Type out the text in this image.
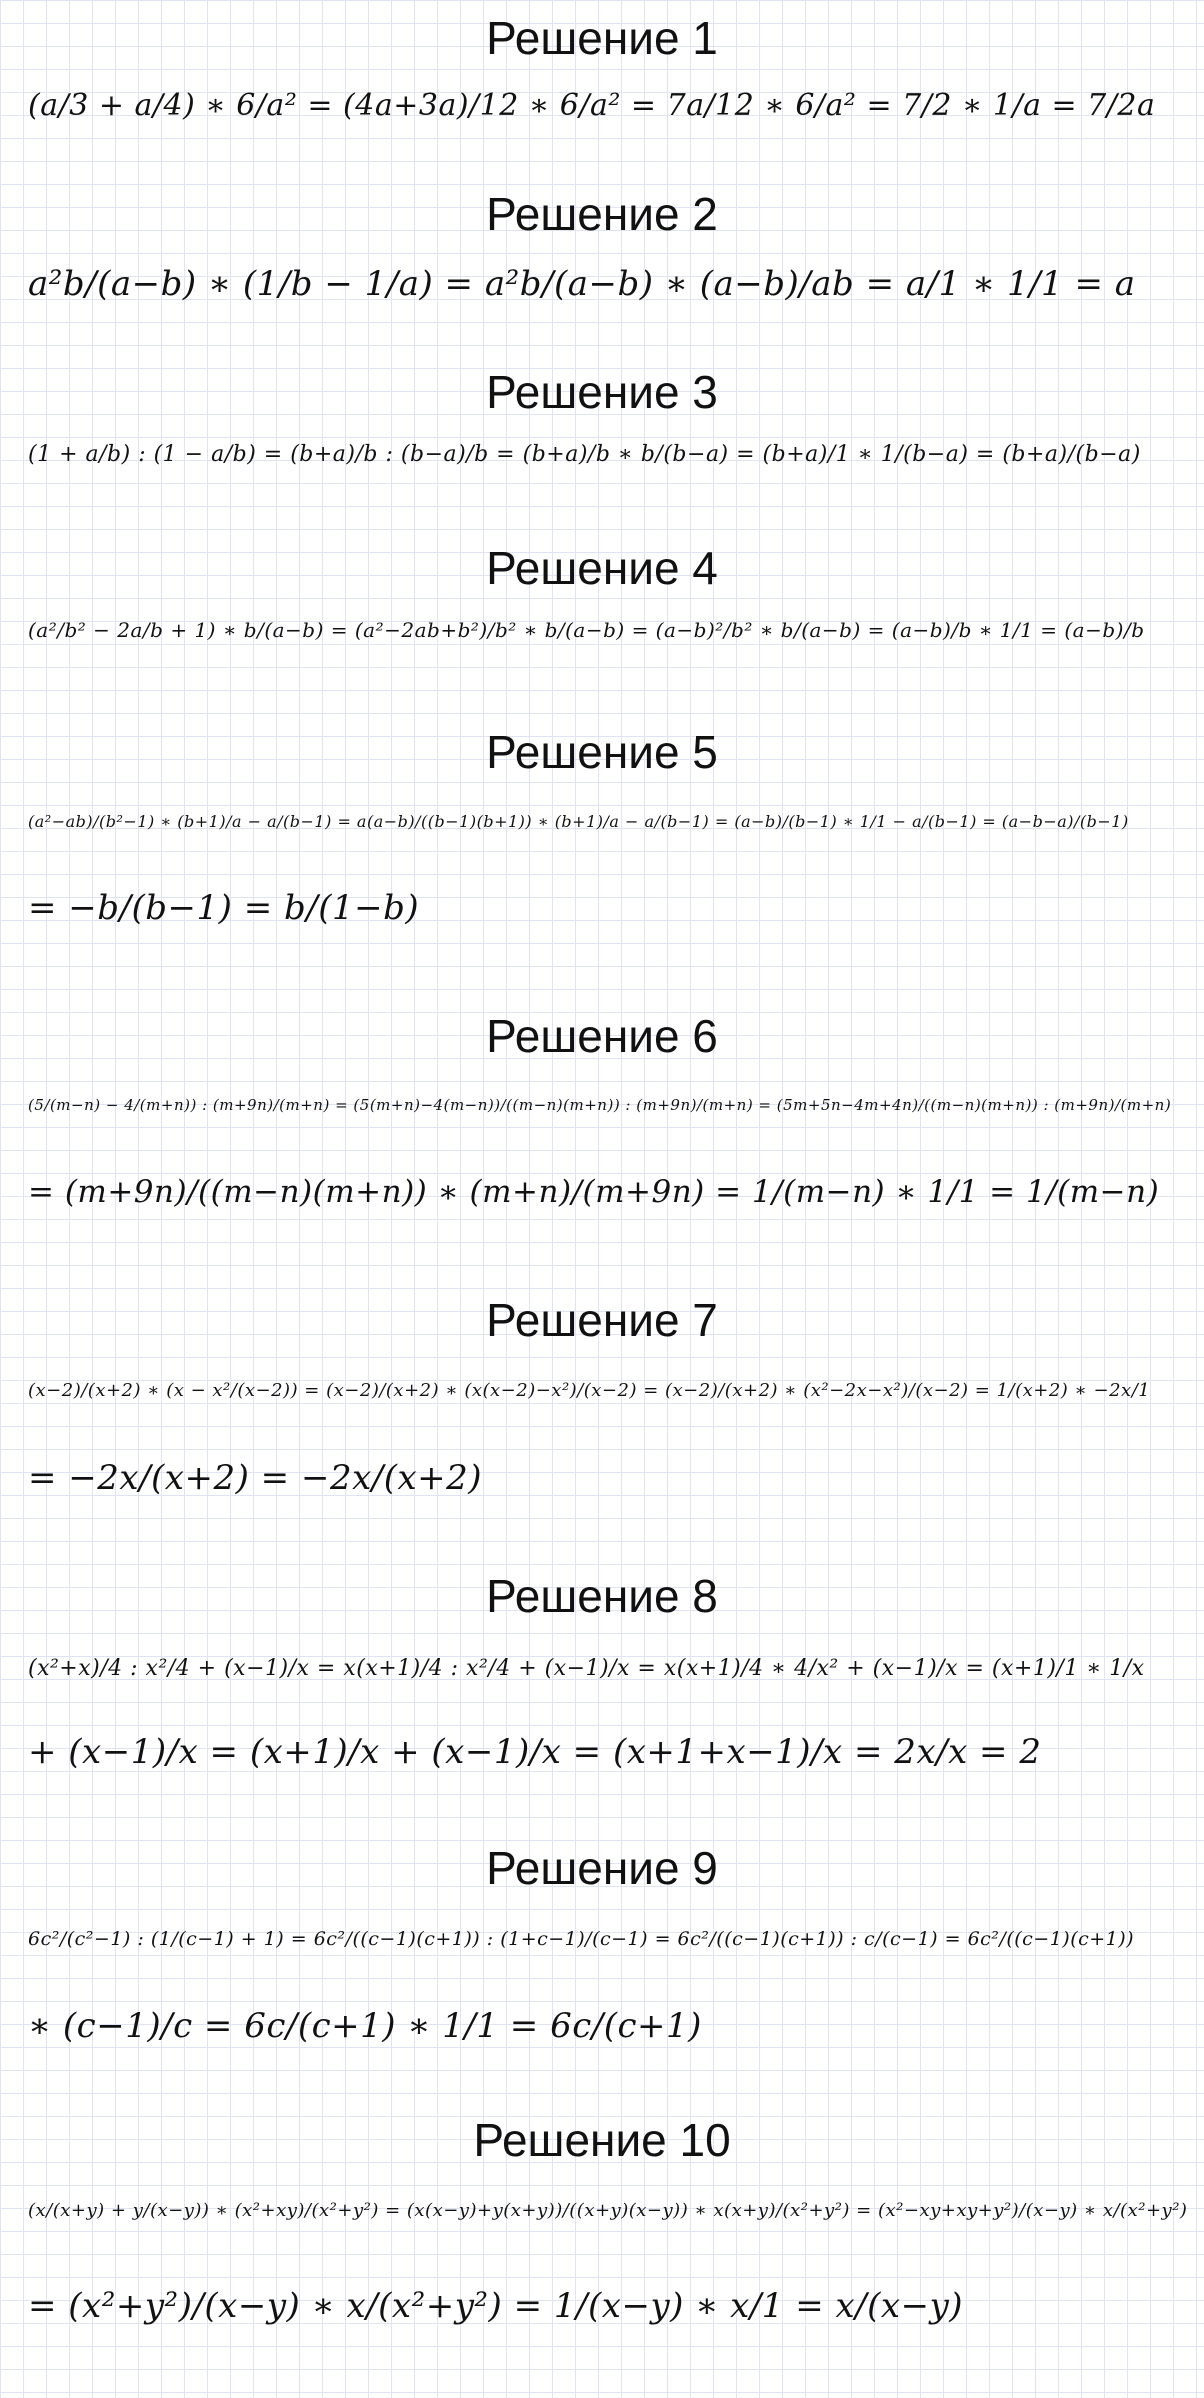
Решение 1
(a/3 + a/4) ∗ 6/a² = (4a+3a)/12 ∗ 6/a² = 7a/12 ∗ 6/a² = 7/2 ∗ 1/a = 7/2a
Решение 2
a²b/(a−b) ∗ (1/b − 1/a) = a²b/(a−b) ∗ (a−b)/ab = a/1 ∗ 1/1 = a
Решение 3
(1 + a/b) : (1 − a/b) = (b+a)/b : (b−a)/b = (b+a)/b ∗ b/(b−a) = (b+a)/1 ∗ 1/(b−a) = (b+a)/(b−a)
Решение 4
(a²/b² − 2a/b + 1) ∗ b/(a−b) = (a²−2ab+b²)/b² ∗ b/(a−b) = (a−b)²/b² ∗ b/(a−b) = (a−b)/b ∗ 1/1 = (a−b)/b
Решение 5
(a²−ab)/(b²−1) ∗ (b+1)/a − a/(b−1) = a(a−b)/((b−1)(b+1)) ∗ (b+1)/a − a/(b−1) = (a−b)/(b−1) ∗ 1/1 − a/(b−1) = (a−b−a)/(b−1)
= −b/(b−1) = b/(1−b)
Решение 6
(5/(m−n) − 4/(m+n)) : (m+9n)/(m+n) = (5(m+n)−4(m−n))/((m−n)(m+n)) : (m+9n)/(m+n) = (5m+5n−4m+4n)/((m−n)(m+n)) : (m+9n)/(m+n)
= (m+9n)/((m−n)(m+n)) ∗ (m+n)/(m+9n) = 1/(m−n) ∗ 1/1 = 1/(m−n)
Решение 7
(x−2)/(x+2) ∗ (x − x²/(x−2)) = (x−2)/(x+2) ∗ (x(x−2)−x²)/(x−2) = (x−2)/(x+2) ∗ (x²−2x−x²)/(x−2) = 1/(x+2) ∗ −2x/1
= −2x/(x+2) = −2x/(x+2)
Решение 8
(x²+x)/4 : x²/4 + (x−1)/x = x(x+1)/4 : x²/4 + (x−1)/x = x(x+1)/4 ∗ 4/x² + (x−1)/x = (x+1)/1 ∗ 1/x
+ (x−1)/x = (x+1)/x + (x−1)/x = (x+1+x−1)/x = 2x/x = 2
Решение 9
6c²/(c²−1) : (1/(c−1) + 1) = 6c²/((c−1)(c+1)) : (1+c−1)/(c−1) = 6c²/((c−1)(c+1)) : c/(c−1) = 6c²/((c−1)(c+1))
∗ (c−1)/c = 6c/(c+1) ∗ 1/1 = 6c/(c+1)
Решение 10
(x/(x+y) + y/(x−y)) ∗ (x²+xy)/(x²+y²) = (x(x−y)+y(x+y))/((x+y)(x−y)) ∗ x(x+y)/(x²+y²) = (x²−xy+xy+y²)/(x−y) ∗ x/(x²+y²)
= (x²+y²)/(x−y) ∗ x/(x²+y²) = 1/(x−y) ∗ x/1 = x/(x−y)
